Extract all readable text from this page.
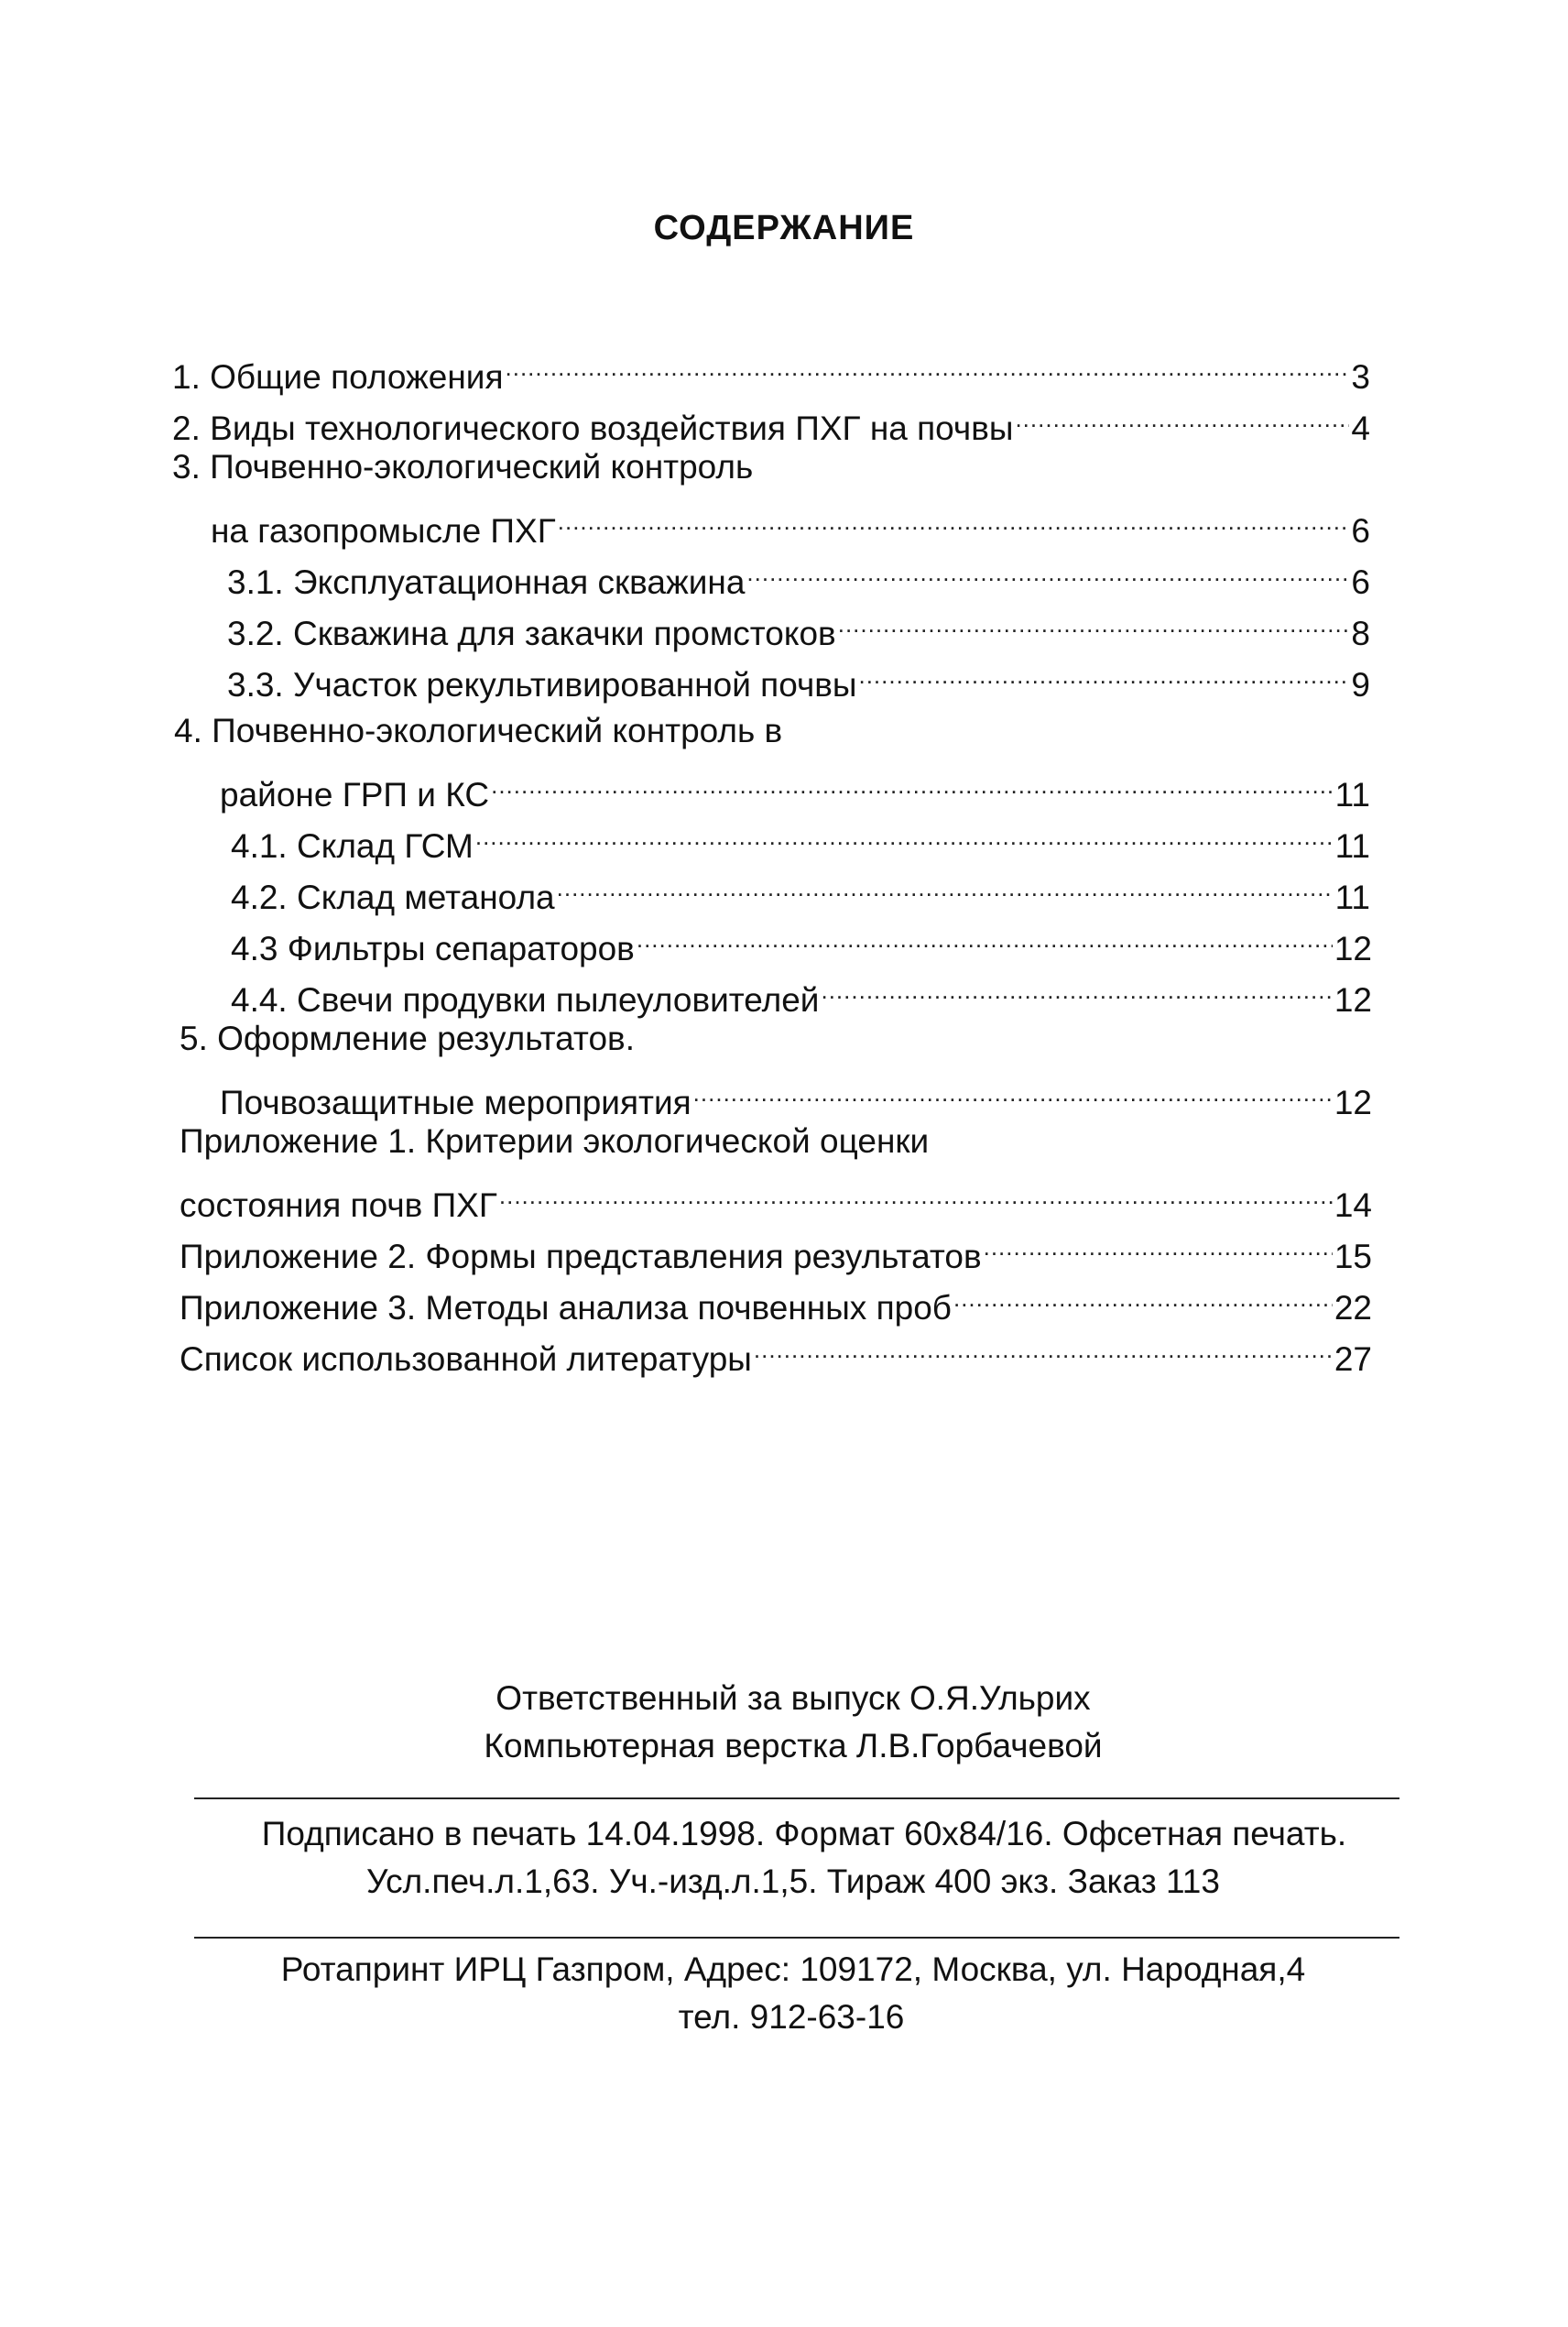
СОДЕРЖАНИЕ
1. Общие положения .....	3
2. Виды технологического воздействия ПХГ на почвы .....	4
3. Почвенно-экологический контроль
на газопромысле ПХГ .....	6
3.1. Эксплуатационная скважина .....	6
3.2. Скважина для закачки промстоков .....	8
3.3. Участок рекультивированной почвы .....	9
4. Почвенно-экологический контроль в
районе ГРП и КС .....	11
4.1. Склад ГСМ .....	11
4.2. Склад метанола .....	11
4.3 Фильтры сепараторов .....	12
4.4. Свечи продувки пылеуловителей .....	12
5. Оформление результатов.
Почвозащитные мероприятия .....	12
Приложение 1. Критерии экологической оценки
состояния почв ПХГ .....	14
Приложение 2. Формы представления результатов .....	15
Приложение 3. Методы анализа почвенных проб .....	22
Список использованной литературы .....	27
Ответственный за выпуск О.Я.Ульрих
Компьютерная верстка Л.В.Горбачевой
Подписано в печать 14.04.1998. Формат 60х84/16. Офсетная печать.
Усл.печ.л.1,63. Уч.-изд.л.1,5. Тираж 400 экз. Заказ 113
Ротапринт ИРЦ Газпром, Адрес: 109172, Москва, ул. Народная,4
тел. 912-63-16
